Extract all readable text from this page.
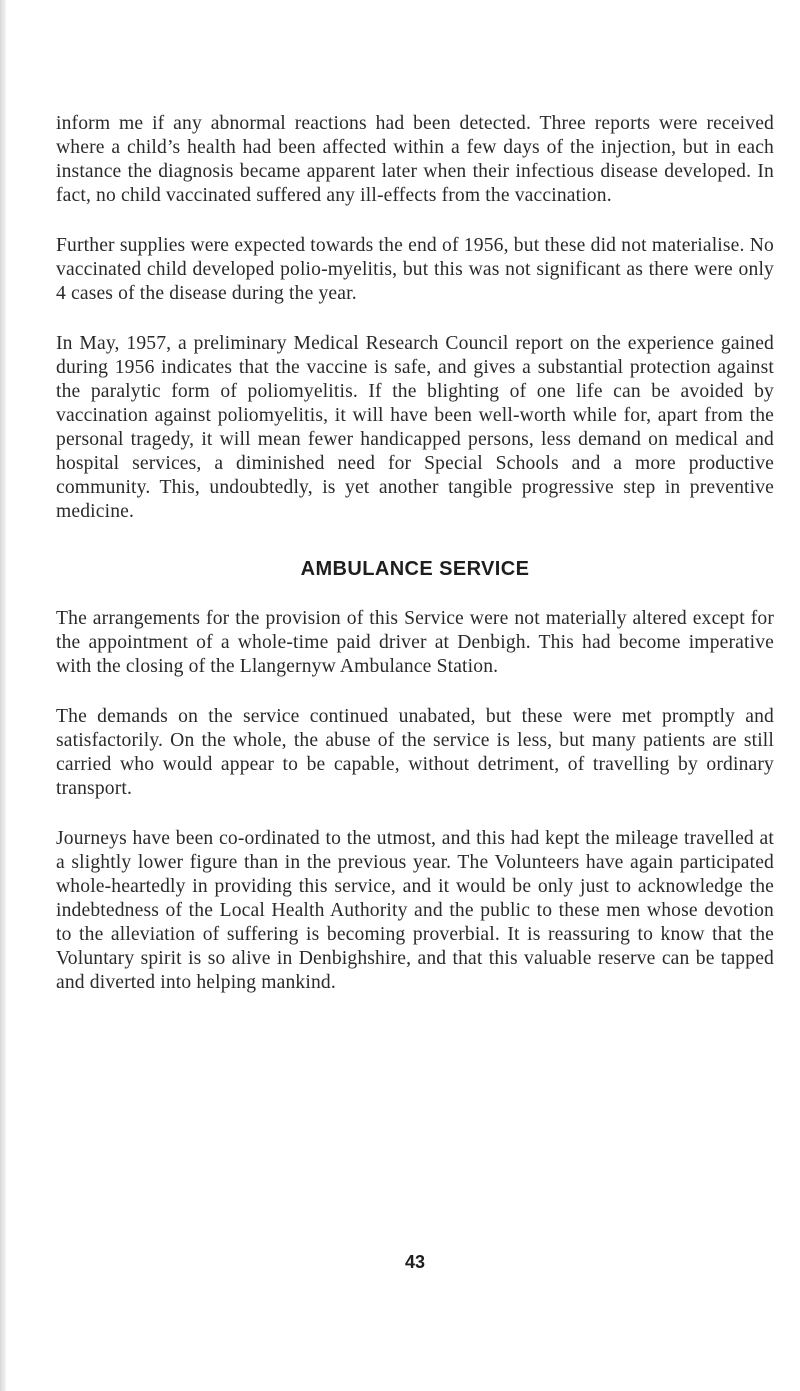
inform me if any abnormal reactions had been detected. Three reports were received where a child’s health had been affected within a few days of the injection, but in each instance the diagnosis became apparent later when their infectious disease developed. In fact, no child vaccinated suffered any ill-effects from the vaccination.

Further supplies were expected towards the end of 1956, but these did not materialise. No vaccinated child developed polio-myelitis, but this was not significant as there were only 4 cases of the disease during the year.

In May, 1957, a preliminary Medical Research Council report on the experience gained during 1956 indicates that the vaccine is safe, and gives a substantial protection against the paralytic form of poliomyelitis. If the blighting of one life can be avoided by vaccination against poliomyelitis, it will have been well-worth while for, apart from the personal tragedy, it will mean fewer handicapped persons, less demand on medical and hospital services, a diminished need for Special Schools and a more productive community. This, undoubtedly, is yet another tangible progressive step in preventive medicine.

AMBULANCE SERVICE

The arrangements for the provision of this Service were not materially altered except for the appointment of a whole-time paid driver at Denbigh. This had become imperative with the closing of the Llangernyw Ambulance Station.

The demands on the service continued unabated, but these were met promptly and satisfactorily. On the whole, the abuse of the service is less, but many patients are still carried who would appear to be capable, without detriment, of travelling by ordinary transport.

Journeys have been co-ordinated to the utmost, and this had kept the mileage travelled at a slightly lower figure than in the previous year. The Volunteers have again participated whole-heartedly in providing this service, and it would be only just to acknowledge the indebtedness of the Local Health Authority and the public to these men whose devotion to the alleviation of suffering is becoming proverbial. It is reassuring to know that the Voluntary spirit is so alive in Denbighshire, and that this valuable reserve can be tapped and diverted into helping mankind.

43
